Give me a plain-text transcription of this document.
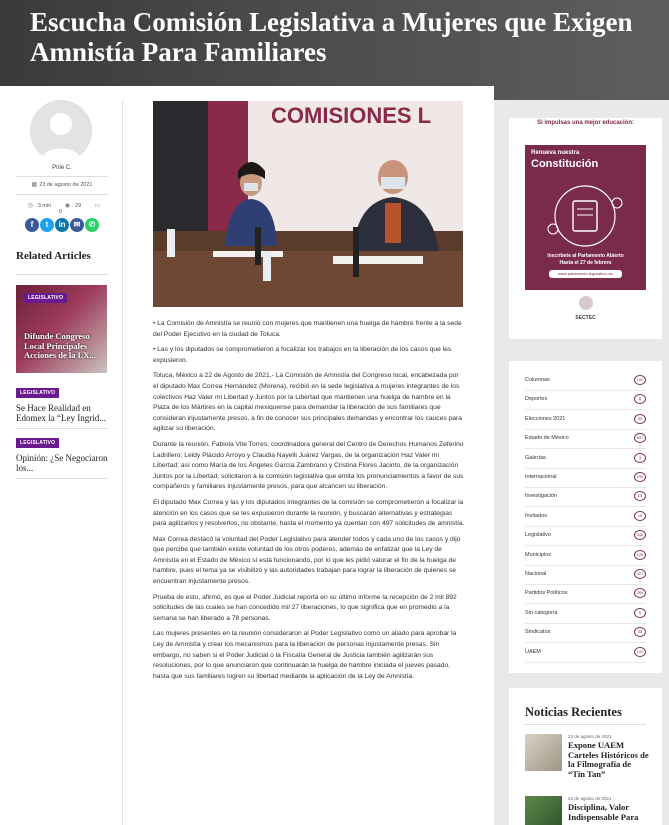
Escucha Comisión Legislativa a Mujeres que Exigen Amnistía Para Familiares
Prile C.
▦ 23 de agosto de 2021
◷ 3 min ◉ 29 ▭0
f t in ✉ ✆
Related Articles
LEGISLATIVO
Difunde Congreso Local Principales Acciones de la LX...
LEGISLATIVO
Se Hace Realidad en Edomex la “Ley Ingrid...
LEGISLATIVO
Opinión: ¿Se Negociaron los...
COMISIONES L

• La Comisión de Amnistía se reunió con mujeres que mantienen una huelga de hambre frente a la sede del Poder Ejecutivo en la ciudad de Toluca.

• Las y los diputados se comprometieron a focalizar los trabajos en la liberación de los casos que les expusieron.

Toluca, México a 22 de Agosto de 2021.- La Comisión de Amnistía del Congreso local, encabezada por el diputado Max Correa Hernández (Morena), recibió en la sede legislativa a mujeres integrantes de los colectivos Haz Valer mi Libertad y Juntos por la Libertad que mantienen una huelga de hambre en la Plaza de los Mártires en la capital mexiquense para demandar la liberación de sus familiares que consideran injustamente presos, a fin de conocer sus principales demandas y encontrar los cauces para agilizar su liberación.

Durante la reunión, Fabiola Vite Torres, coordinadora general del Centro de Derechos Humanos Zeferino Ladrillero; Leidy Plácido Arroyo y Claudia Nayelli Juárez Vargas, de la organización Haz Valer mi Libertad; así como María de los Ángeles García Zambrano y Cristina Flores Jacinto, de la organización Juntos por la Libertad, solicitaron a la comisión legislativa que emita los pronunciamientos a favor de sus compañeros y familiares injustamente presos, para que alcancen su liberación.

El diputado Max Correa y las y los diputados integrantes de la comisión se comprometieron a focalizar la atención en los casos que se les expusieron durante la reunión, y buscarán alternativas y estrategias para agilizarlos y resolverlos, no obstante, hasta el momento ya cuentan con 497 solicitudes de amnistía.

Max Correa destacó la voluntad del Poder Legislativo para atender todos y cada uno de los casos y dijo que percibe que también existe voluntad de los otros poderes, además de enfatizar que la Ley de Amnistía en el Estado de México sí está funcionando, por lo que les pidió valorar el fin de la huelga de hambre, pues el tema ya se visibilizó y las autoridades trabajan para lograr la liberación de quienes se encuentran injustamente presos.

Prueba de esto, afirmó, es que el Poder Judicial reporta en su último informe la recepción de 2 mil 892 solicitudes de las cuales se han concedido mil 27 liberaciones, lo que significa que en promedio a la semana se han liberado a 78 personas.

Las mujeres presentes en la reunión consideraron al Poder Legislativo como un aliado para aprobar la Ley de Amnistía y crear los mecanismos para la liberación de personas injustamente presas. Sin embargo, no saben si el Poder Judicial o la Fiscalía General de Justicia también agilizarán sus resoluciones, por lo que anunciaron que continuarán la huelga de hambre iniciada el jueves pasado, hasta que sus familiares logren su libertad mediante la aplicación de la Ley de Amnistía.

Si impulsas una mejor educación:
Renueva nuestra
Constitución
Inscríbete al Parlamento Abierto
Hasta el 27 de febrero
www.parlamento.legislativo.mx
SECTEC
Columnas	102
Deportes	8
Elecciones 2021	30
Estado de México	697
Galerías	3
Internacional	192
Investigación	19
Invitados	15
Legislativo	346
Municipios	125
Nacional	427
Partidos Políticos	264
Sin categoría	6
Sindicatos	38
UAEM	122
Noticias Recientes
23 de agosto de 2021
Expone UAEM Carteles Históricos de la Filmografía de “Tin Tan”
23 de agosto de 2021
Disciplina, Valor Indispensable Para
